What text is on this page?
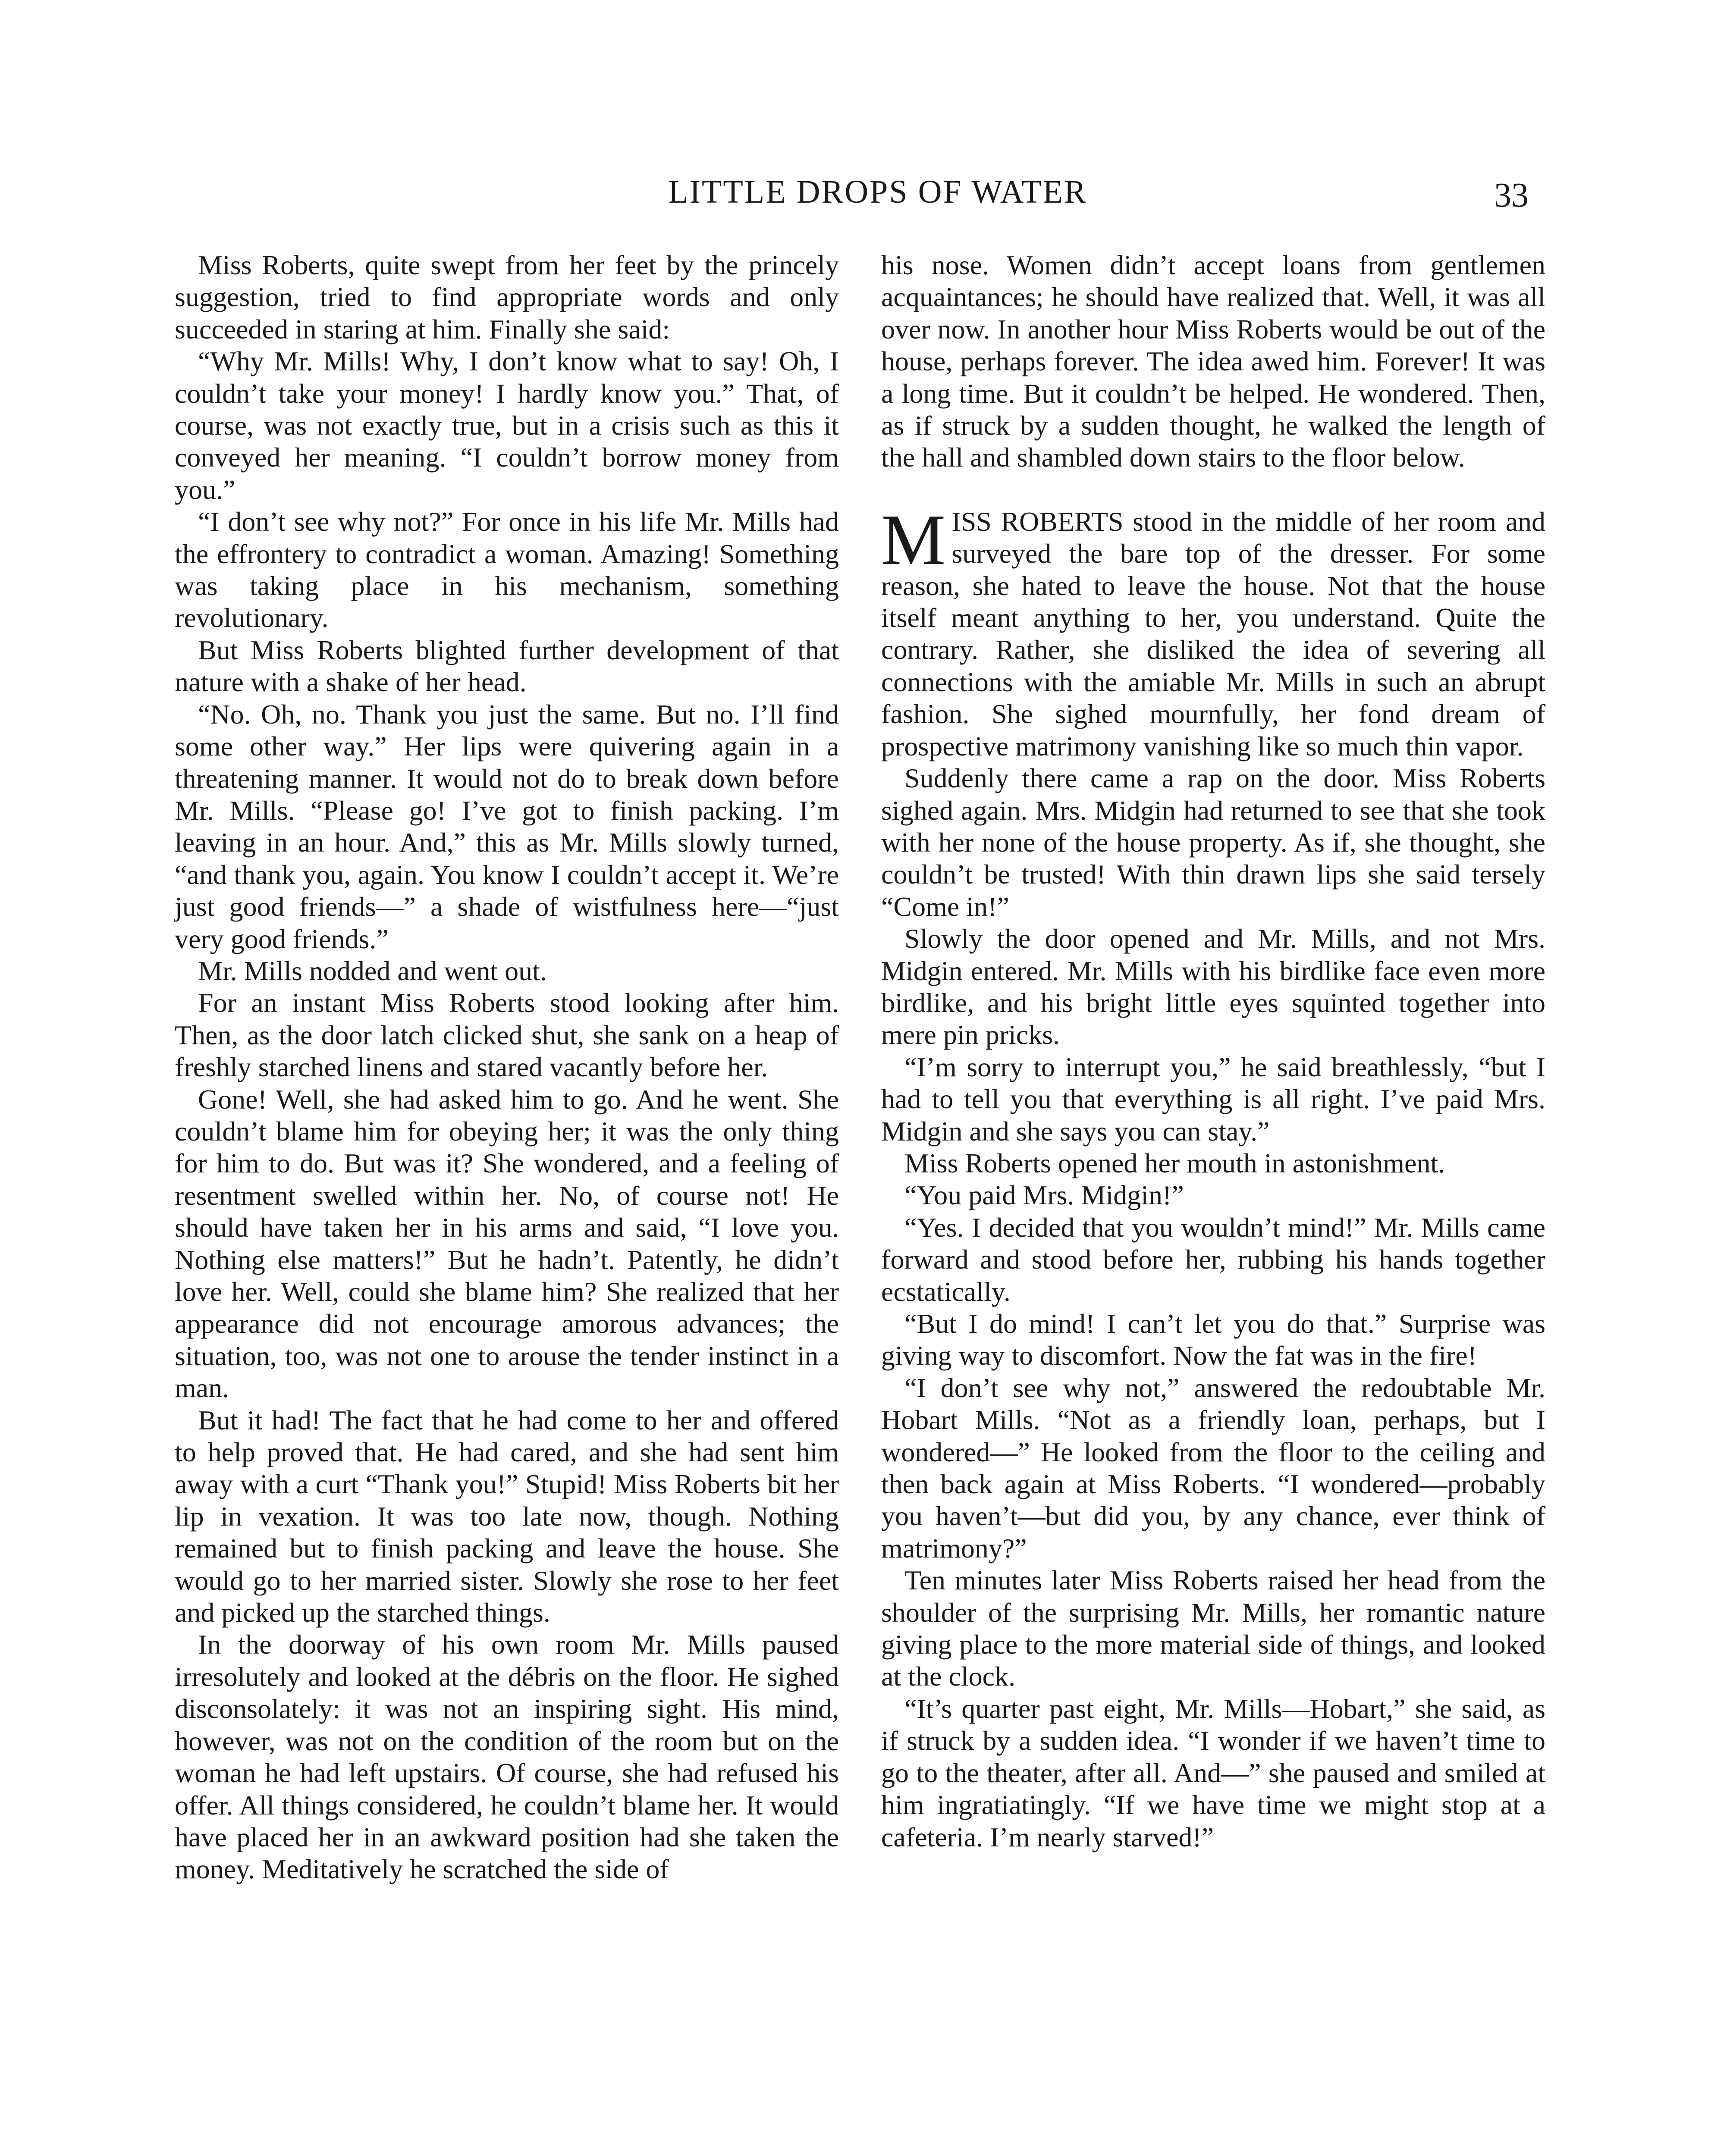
LITTLE DROPS OF WATER	33

Miss Roberts, quite swept from her feet by the princely suggestion, tried to find appropriate words and only succeeded in staring at him. Finally she said:

“Why Mr. Mills! Why, I don’t know what to say! Oh, I couldn’t take your money! I hardly know you.” That, of course, was not exactly true, but in a crisis such as this it conveyed her meaning. “I couldn’t borrow money from you.”

“I don’t see why not?” For once in his life Mr. Mills had the effrontery to contradict a woman. Amazing! Something was taking place in his mechanism, something revolutionary.

But Miss Roberts blighted further development of that nature with a shake of her head.

“No. Oh, no. Thank you just the same. But no. I’ll find some other way.” Her lips were quivering again in a threatening manner. It would not do to break down before Mr. Mills. “Please go! I’ve got to finish packing. I’m leaving in an hour. And,” this as Mr. Mills slowly turned, “and thank you, again. You know I couldn’t accept it. We’re just good friends—” a shade of wistfulness here—“just very good friends.”

Mr. Mills nodded and went out.

For an instant Miss Roberts stood looking after him. Then, as the door latch clicked shut, she sank on a heap of freshly starched linens and stared vacantly before her.

Gone! Well, she had asked him to go. And he went. She couldn’t blame him for obeying her; it was the only thing for him to do. But was it? She wondered, and a feeling of resentment swelled within her. No, of course not! He should have taken her in his arms and said, “I love you. Nothing else matters!” But he hadn’t. Patently, he didn’t love her. Well, could she blame him? She realized that her appearance did not encourage amorous advances; the situation, too, was not one to arouse the tender instinct in a man.

But it had! The fact that he had come to her and offered to help proved that. He had cared, and she had sent him away with a curt “Thank you!” Stupid! Miss Roberts bit her lip in vexation. It was too late now, though. Nothing remained but to finish packing and leave the house. She would go to her married sister. Slowly she rose to her feet and picked up the starched things.

In the doorway of his own room Mr. Mills paused irresolutely and looked at the débris on the floor. He sighed disconsolately: it was not an inspiring sight. His mind, however, was not on the condition of the room but on the woman he had left upstairs. Of course, she had refused his offer. All things considered, he couldn’t blame her. It would have placed her in an awkward position had she taken the money. Meditatively he scratched the side of

his nose. Women didn’t accept loans from gentlemen acquaintances; he should have realized that. Well, it was all over now. In another hour Miss Roberts would be out of the house, perhaps forever. The idea awed him. Forever! It was a long time. But it couldn’t be helped. He wondered. Then, as if struck by a sudden thought, he walked the length of the hall and shambled down stairs to the floor below.

MISS ROBERTS stood in the middle of her room and surveyed the bare top of the dresser. For some reason, she hated to leave the house. Not that the house itself meant anything to her, you understand. Quite the contrary. Rather, she disliked the idea of severing all connections with the amiable Mr. Mills in such an abrupt fashion. She sighed mournfully, her fond dream of prospective matrimony vanishing like so much thin vapor.

Suddenly there came a rap on the door. Miss Roberts sighed again. Mrs. Midgin had returned to see that she took with her none of the house property. As if, she thought, she couldn’t be trusted! With thin drawn lips she said tersely “Come in!”

Slowly the door opened and Mr. Mills, and not Mrs. Midgin entered. Mr. Mills with his birdlike face even more birdlike, and his bright little eyes squinted together into mere pin pricks.

“I’m sorry to interrupt you,” he said breathlessly, “but I had to tell you that everything is all right. I’ve paid Mrs. Midgin and she says you can stay.”

Miss Roberts opened her mouth in astonishment.

“You paid Mrs. Midgin!”

“Yes. I decided that you wouldn’t mind!” Mr. Mills came forward and stood before her, rubbing his hands together ecstatically.

“But I do mind! I can’t let you do that.” Surprise was giving way to discomfort. Now the fat was in the fire!

“I don’t see why not,” answered the redoubtable Mr. Hobart Mills. “Not as a friendly loan, perhaps, but I wondered—” He looked from the floor to the ceiling and then back again at Miss Roberts. “I wondered—probably you haven’t—but did you, by any chance, ever think of matrimony?”

Ten minutes later Miss Roberts raised her head from the shoulder of the surprising Mr. Mills, her romantic nature giving place to the more material side of things, and looked at the clock.

“It’s quarter past eight, Mr. Mills—Hobart,” she said, as if struck by a sudden idea. “I wonder if we haven’t time to go to the theater, after all. And—” she paused and smiled at him ingratiatingly. “If we have time we might stop at a cafeteria. I’m nearly starved!”
